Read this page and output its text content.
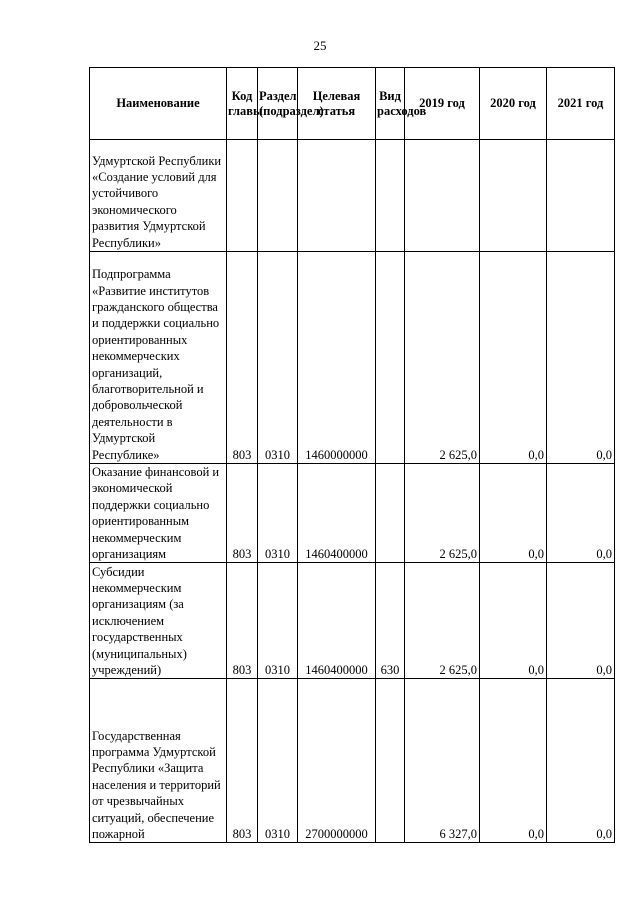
25
Наименование	Код главы	Раздел (подраздел)	Целевая статья	Вид расходов	2019 год	2020 год	2021 год
Удмуртской Республики «Создание условий для устойчивого экономического развития Удмуртской Республики»							
Подпрограмма «Развитие институтов гражданского общества и поддержки социально ориентированных некоммерческих организаций, благотворительной и добровольческой деятельности в Удмуртской Республике»	803	0310	1460000000		2 625,0	0,0	0,0
Оказание финансовой и экономической поддержки социально ориентированным некоммерческим организациям	803	0310	1460400000		2 625,0	0,0	0,0
Субсидии некоммерческим организациям (за исключением государственных (муниципальных) учреждений)	803	0310	1460400000	630	2 625,0	0,0	0,0
Государственная программа Удмуртской Республики «Защита населения и территорий от чрезвычайных ситуаций, обеспечение пожарной	803	0310	2700000000		6 327,0	0,0	0,0
